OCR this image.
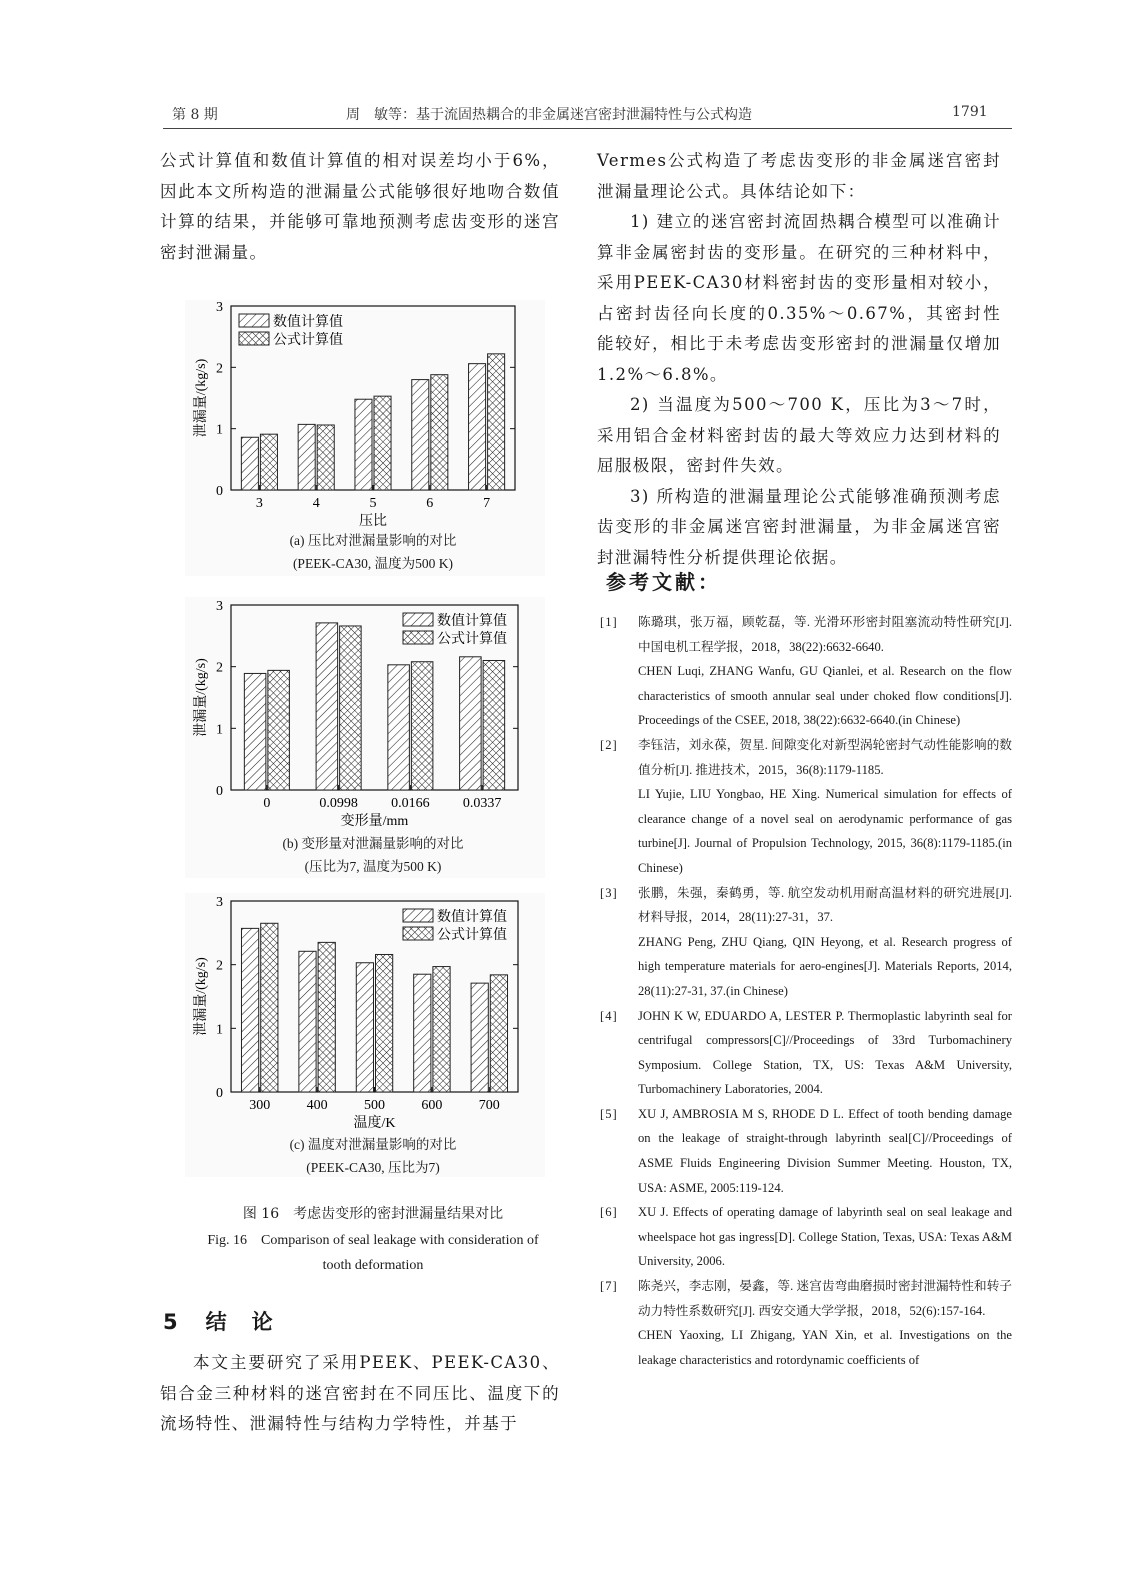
第 8 期	周　敏等：基于流固热耦合的非金属迷宫密封泄漏特性与公式构造	1791

公式计算值和数值计算值的相对误差均小于6%，因此本文所构造的泄漏量公式能够很好地吻合数值计算的结果，并能够可靠地预测考虑齿变形的迷宫密封泄漏量。

0
1
2
3
泄漏量/(kg/s)
3	4	5	6	7
压比
数值计算值
公式计算值
(a) 压比对泄漏量影响的对比
(PEEK-CA30, 温度为500 K)
0
1
2
3
泄漏量/(kg/s)
0	0.0998 0.0166 0.0337
变形量/mm
数值计算值
公式计算值
(b) 变形量对泄漏量影响的对比
(压比为7, 温度为500 K)
0
1
2
3
泄漏量/(kg/s)
300	400	500	600	700
温度/K
数值计算值
公式计算值
(c) 温度对泄漏量影响的对比
(PEEK-CA30, 压比为7)
图 16　考虑齿变形的密封泄漏量结果对比
Fig. 16　Comparison of seal leakage with consideration of
tooth deformation
5 结　论

本文主要研究了采用PEEK、PEEK-CA30、铝合金三种材料的迷宫密封在不同压比、温度下的流场特性、泄漏特性与结构力学特性，并基于

Vermes公式构造了考虑齿变形的非金属迷宫密封泄漏量理论公式。具体结论如下：

1) 建立的迷宫密封流固热耦合模型可以准确计算非金属密封齿的变形量。在研究的三种材料中，采用PEEK-CA30材料密封齿的变形量相对较小，占密封齿径向长度的0.35%～0.67%，其密封性能较好，相比于未考虑齿变形密封的泄漏量仅增加1.2%～6.8%。

2) 当温度为500～700 K，压比为3～7时，采用铝合金材料密封齿的最大等效应力达到材料的屈服极限，密封件失效。

3) 所构造的泄漏量理论公式能够准确预测考虑齿变形的非金属迷宫密封泄漏量，为非金属迷宫密封泄漏特性分析提供理论依据。

参考文献：
[1]	陈璐琪，张万福，顾乾磊，等. 光滑环形密封阻塞流动特性研究[J]. 中国电机工程学报，2018，38(22):6632-6640.
CHEN Luqi, ZHANG Wanfu, GU Qianlei, et al. Research on the flow characteristics of smooth annular seal under choked flow conditions[J]. Proceedings of the CSEE, 2018, 38(22):6632-6640.(in Chinese)
[2]	李钰洁，刘永葆，贺星. 间隙变化对新型涡轮密封气动性能影响的数值分析[J]. 推进技术，2015，36(8):1179-1185.
LI Yujie, LIU Yongbao, HE Xing. Numerical simulation for effects of clearance change of a novel seal on aerodynamic performance of gas turbine[J]. Journal of Propulsion Technology, 2015, 36(8):1179-1185.(in Chinese)
[3]	张鹏，朱强，秦鹤勇，等. 航空发动机用耐高温材料的研究进展[J]. 材料导报，2014，28(11):27-31，37.
ZHANG Peng, ZHU Qiang, QIN Heyong, et al. Research progress of high temperature materials for aero-engines[J]. Materials Reports, 2014, 28(11):27-31, 37.(in Chinese)
[4]	JOHN K W, EDUARDO A, LESTER P. Thermoplastic labyrinth seal for centrifugal compressors[C]//Proceedings of 33rd Turbomachinery Symposium. College Station, TX, US: Texas A&M University, Turbomachinery Laboratories, 2004.
[5]	XU J, AMBROSIA M S, RHODE D L. Effect of tooth bending damage on the leakage of straight-through labyrinth seal[C]//Proceedings of ASME Fluids Engineering Division Summer Meeting. Houston, TX, USA: ASME, 2005:119-124.
[6]	XU J. Effects of operating damage of labyrinth seal on seal leakage and wheelspace hot gas ingress[D]. College Station, Texas, USA: Texas A&M University, 2006.
[7]	陈尧兴，李志刚，晏鑫，等. 迷宫齿弯曲磨损时密封泄漏特性和转子动力特性系数研究[J]. 西安交通大学学报，2018，52(6):157-164.
CHEN Yaoxing, LI Zhigang, YAN Xin, et al. Investigations on the leakage characteristics and rotordynamic coefficients of
